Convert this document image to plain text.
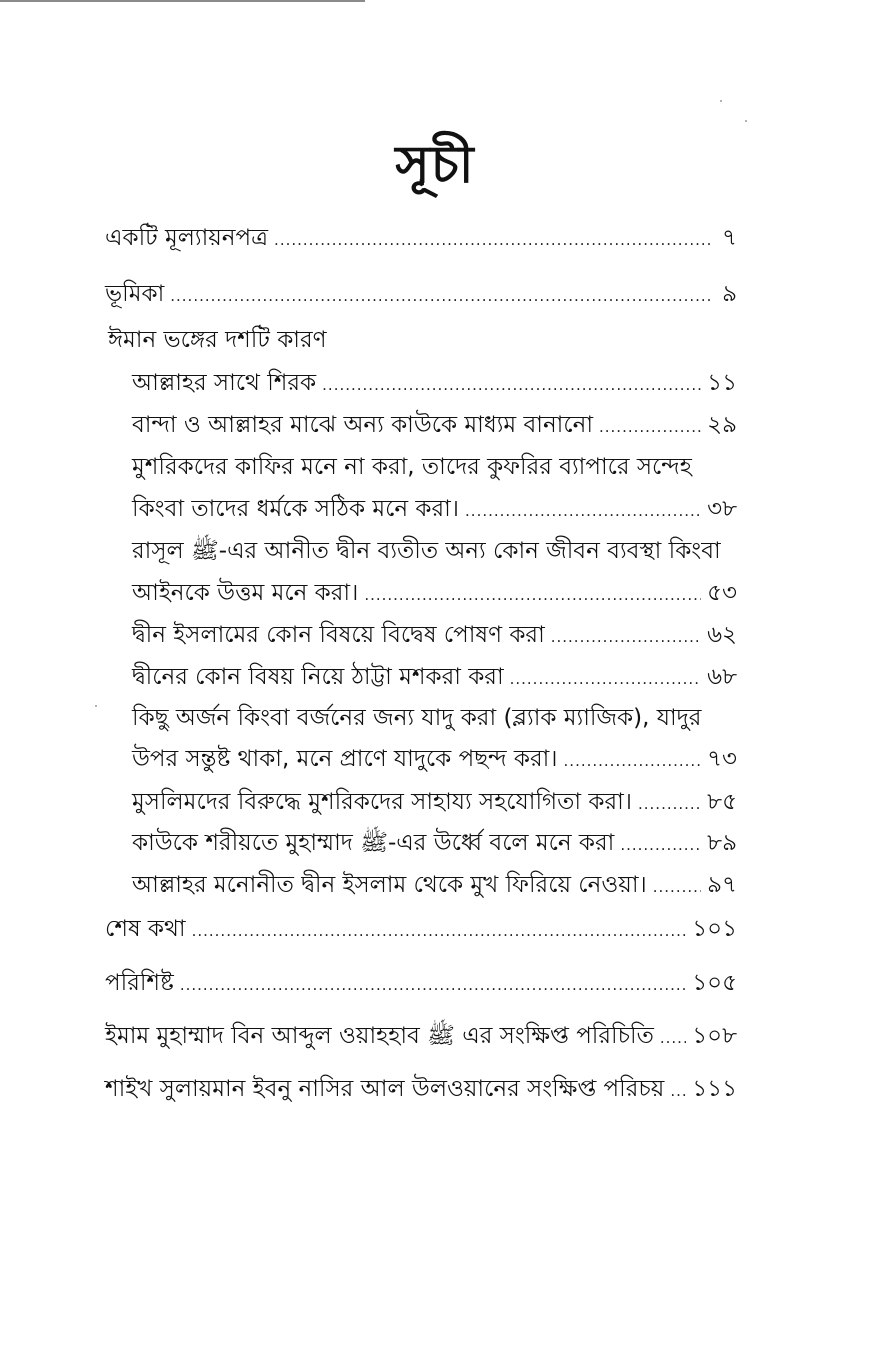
সূচী
একটি মূল্যায়নপত্র .....	৭
ভূমিকা .....	৯
ঈমান ভঙ্গের দশটি কারণ
আল্লাহর সাথে শিরক .....	১১
বান্দা ও আল্লাহর মাঝে অন্য কাউকে মাধ্যম বানানো .....	২৯
মুশরিকদের কাফির মনে না করা, তাদের কুফরির ব্যাপারে সন্দেহ
কিংবা তাদের ধর্মকে সঠিক মনে করা। .....	৩৮
রাসূল ﷺ-এর আনীত দ্বীন ব্যতীত অন্য কোন জীবন ব্যবস্থা কিংবা
আইনকে উত্তম মনে করা। .....	৫৩
দ্বীন ইসলামের কোন বিষয়ে বিদ্বেষ পোষণ করা .....	৬২
দ্বীনের কোন বিষয় নিয়ে ঠাট্টা মশকরা করা .....	৬৮
কিছু অর্জন কিংবা বর্জনের জন্য যাদু করা (ব্ল্যাক ম্যাজিক), যাদুর
উপর সন্তুষ্ট থাকা, মনে প্রাণে যাদুকে পছন্দ করা। .....	৭৩
মুসলিমদের বিরুদ্ধে মুশরিকদের সাহায্য সহযোগিতা করা। .....	৮৫
কাউকে শরীয়তে মুহাম্মাদ ﷺ-এর উর্ধ্বে বলে মনে করা .....	৮৯
আল্লাহর মনোনীত দ্বীন ইসলাম থেকে মুখ ফিরিয়ে নেওয়া। .....	৯৭
শেষ কথা .....	১০১
পরিশিষ্ট .....	১০৫
ইমাম মুহাম্মাদ বিন আব্দুল ওয়াহহাব ﷺ এর সংক্ষিপ্ত পরিচিতি ..... ১০৮
শাইখ সুলায়মান ইবনু নাসির আল উলওয়ানের সংক্ষিপ্ত পরিচয় ..... ১১১
